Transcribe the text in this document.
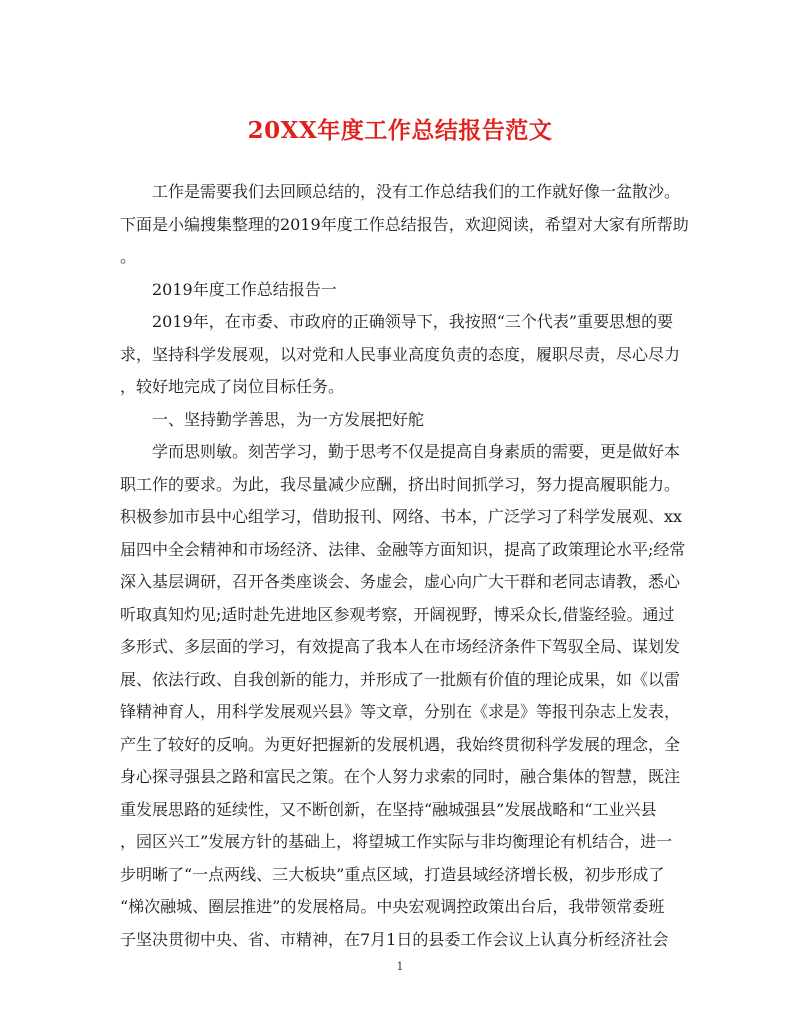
20XX年度工作总结报告范文
工作是需要我们去回顾总结的，没有工作总结我们的工作就好像一盆散沙。
下面是小编搜集整理的2019年度工作总结报告，欢迎阅读，希望对大家有所帮助
。
2019年度工作总结报告一
2019年，在市委、市政府的正确领导下，我按照“三个代表”重要思想的要
求，坚持科学发展观，以对党和人民事业高度负责的态度，履职尽责，尽心尽力
，较好地完成了岗位目标任务。
一、坚持勤学善思，为一方发展把好舵
学而思则敏。刻苦学习，勤于思考不仅是提高自身素质的需要，更是做好本
职工作的要求。为此，我尽量减少应酬，挤出时间抓学习，努力提高履职能力。
积极参加市县中心组学习，借助报刊、网络、书本，广泛学习了科学发展观、xx
届四中全会精神和市场经济、法律、金融等方面知识，提高了政策理论水平;经常
深入基层调研，召开各类座谈会、务虚会，虚心向广大干群和老同志请教，悉心
听取真知灼见;适时赴先进地区参观考察，开阔视野，博采众长,借鉴经验。通过
多形式、多层面的学习，有效提高了我本人在市场经济条件下驾驭全局、谋划发
展、依法行政、自我创新的能力，并形成了一批颇有价值的理论成果，如《以雷
锋精神育人，用科学发展观兴县》等文章，分别在《求是》等报刊杂志上发表，
产生了较好的反响。为更好把握新的发展机遇，我始终贯彻科学发展的理念，全
身心探寻强县之路和富民之策。在个人努力求索的同时，融合集体的智慧，既注
重发展思路的延续性，又不断创新，在坚持“融城强县”发展战略和“工业兴县
，园区兴工”发展方针的基础上，将望城工作实际与非均衡理论有机结合，进一
步明晰了“一点两线、三大板块”重点区域，打造县域经济增长极，初步形成了
“梯次融城、圈层推进”的发展格局。中央宏观调控政策出台后，我带领常委班
子坚决贯彻中央、省、市精神，在7月1日的县委工作会议上认真分析经济社会
1
